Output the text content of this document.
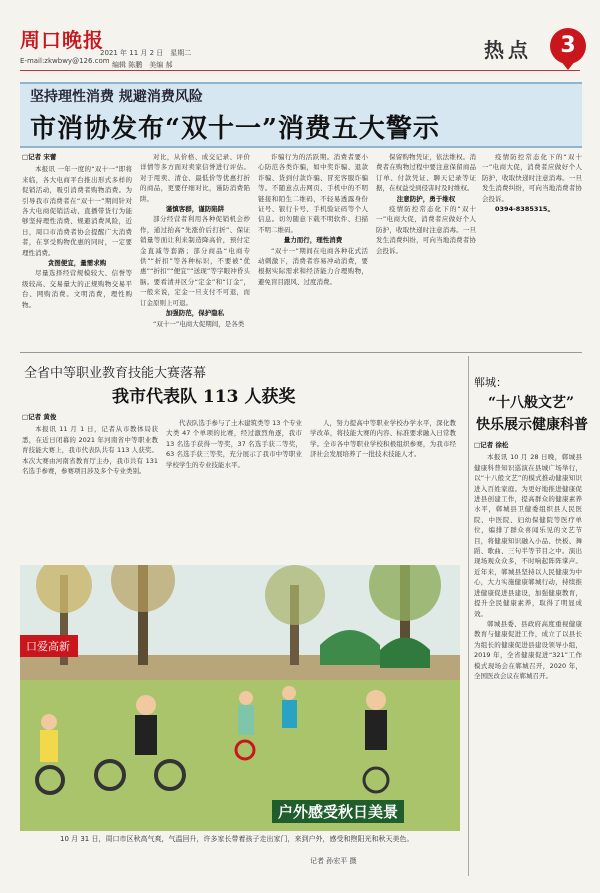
周口晚报
E-mail:zkwbwy@126.com
2021 年 11 月 2 日　星期二
编辑 陈鹏　美编 郝
热点	3
坚持理性消费 规避消费风险
市消协发布“双十一”消费五大警示

□记者 宋蕾

本报讯 一年一度的“双十一”即将来临，各大电商平台推出形式多样的促销活动，吸引消费者购物消费。为引导我市消费者在“双十一”期间针对各大电商促销活动、直播带货行为能够坚持理性消费、规避消费风险，近日，周口市消费者协会提醒广大消费者，在享受购物优惠的同时，一定要理性消费。

贪图便宜，量需求购

尽量选择经营规模较大、信誉等级较高、交易量大的正规购物交易平台、网购消费。文明消费，理性购物。

对比，从价格、成交记录、评价详情等多方面对卖家信誉进行评估。对于甩卖、清仓、最低价等优惠打折的商品，更要仔细对比，谨防消费陷阱。

谨慎客群，谨防陷阱

部分经营者利用各种促销机会炒作，通过抬高“先涨价后打折”、保证销量等面让利来制造降高价，预付定金直减等套路；部分商品“电商专供”“折扣”等各种标识，不要被“优惠”“折扣”“便宜”“送现”等字眼冲昏头脑。要看清并区分“定金”和“订金”，一般来说，定金一旦支付不可退，而订金原则上可退。

加强防范，保护隐私

“双十一”电商大促期间，是各类

诈骗行为的活跃期。消费者要小心防范各类诈骗，如中奖诈骗、退款诈骗、货到付款诈骗、冒充客服诈骗等。不随意点击网页、手机中的不明链接和陌生二维码，不轻易透露身份证号、银行卡号、手机验证码等个人信息。切勿随意下载不明软件、扫描不明二维码。

量力而行，理性消费

“双十一”期间在电商各种花式活动刺激下，消费者容易冲动消费，要根据实际需求和经济能力合理购物，避免盲目跟风、过度消费。

保留购物凭证，依法维权。消费者在购物过程中要注意保留商品订单、付款凭证、聊天记录等证据，在权益受到侵害时及时维权。

注意防护，勇于维权

疫情防控常态化下的“双十一”电商大促，消费者应做好个人防护，收取快递时注意消毒。一旦发生消费纠纷，可向当地消费者协会投诉。

疫情防控常态化下的“双十一”电商大促，消费者应做好个人防护，收取快递时注意消毒。一旦发生消费纠纷，可向当地消费者协会投诉。

0394-8385315。

全省中等职业教育技能大赛落幕
我市代表队 113 人获奖

□记者 黄俊

本报讯 11 月 1 日，记者从市教体局获悉，在近日闭幕的 2021 年河南省中等职业教育技能大赛上，我市代表队共有 113 人获奖。本次大赛由河南省教育厅主办，我市共有 131 名选手参赛，参赛项目涉及多个专业类别。

代表队选手参与了土木建筑类等 13 个专业大类 47 个单项的比赛，经过激烈角逐，我市 13 名选手获得一等奖，37 名选手获二等奖，63 名选手获三等奖，充分展示了我市中等职业学校学生的专业技能水平。

人，努力提高中等职业学校办学水平，深化教学改革，将技能大赛的内容、标准要求融入日常教学。全市各中等职业学校积极组织参赛，为我市经济社会发展培养了一批技术技能人才。

郸城：
“十八般文艺”
快乐展示健康科普

□记者 徐松

本报讯 10 月 28 日晚，郸城县健康科普知识巡演在县城广场举行，以“十八般文艺”的模式推动健康知识进入百姓家庭。为更好地推进健康促进县创建工作，提高群众的健康素养水平，郸城县卫健委组织县人民医院、中医院、妇幼保健院等医疗单位，编排了群众喜闻乐见的文艺节目，将健康知识融入小品、快板、舞蹈、歌曲、三句半等节目之中。演出现场观众众多，不时响起阵阵掌声。近年来，郸城县坚持以人民健康为中心，大力实施健康郸城行动，持续推进健康促进县建设，加强健康教育，提升全民健康素养，取得了明显成效。

郸城县委、县政府高度重视健康教育与健康促进工作，成立了以县长为组长的健康促进县建设领导小组，2019 年，全省健康促进“321”工作模式现场会在郸城召开，2020 年，全国医改会议在郸城召开。

口爱高新
户外感受秋日美景
10 月 31 日，周口市区秋高气爽，气温回升，许多家长带着孩子走出家门，来到户外，感受和煦阳光和秋天美色。
记者 孙宏平 摄
